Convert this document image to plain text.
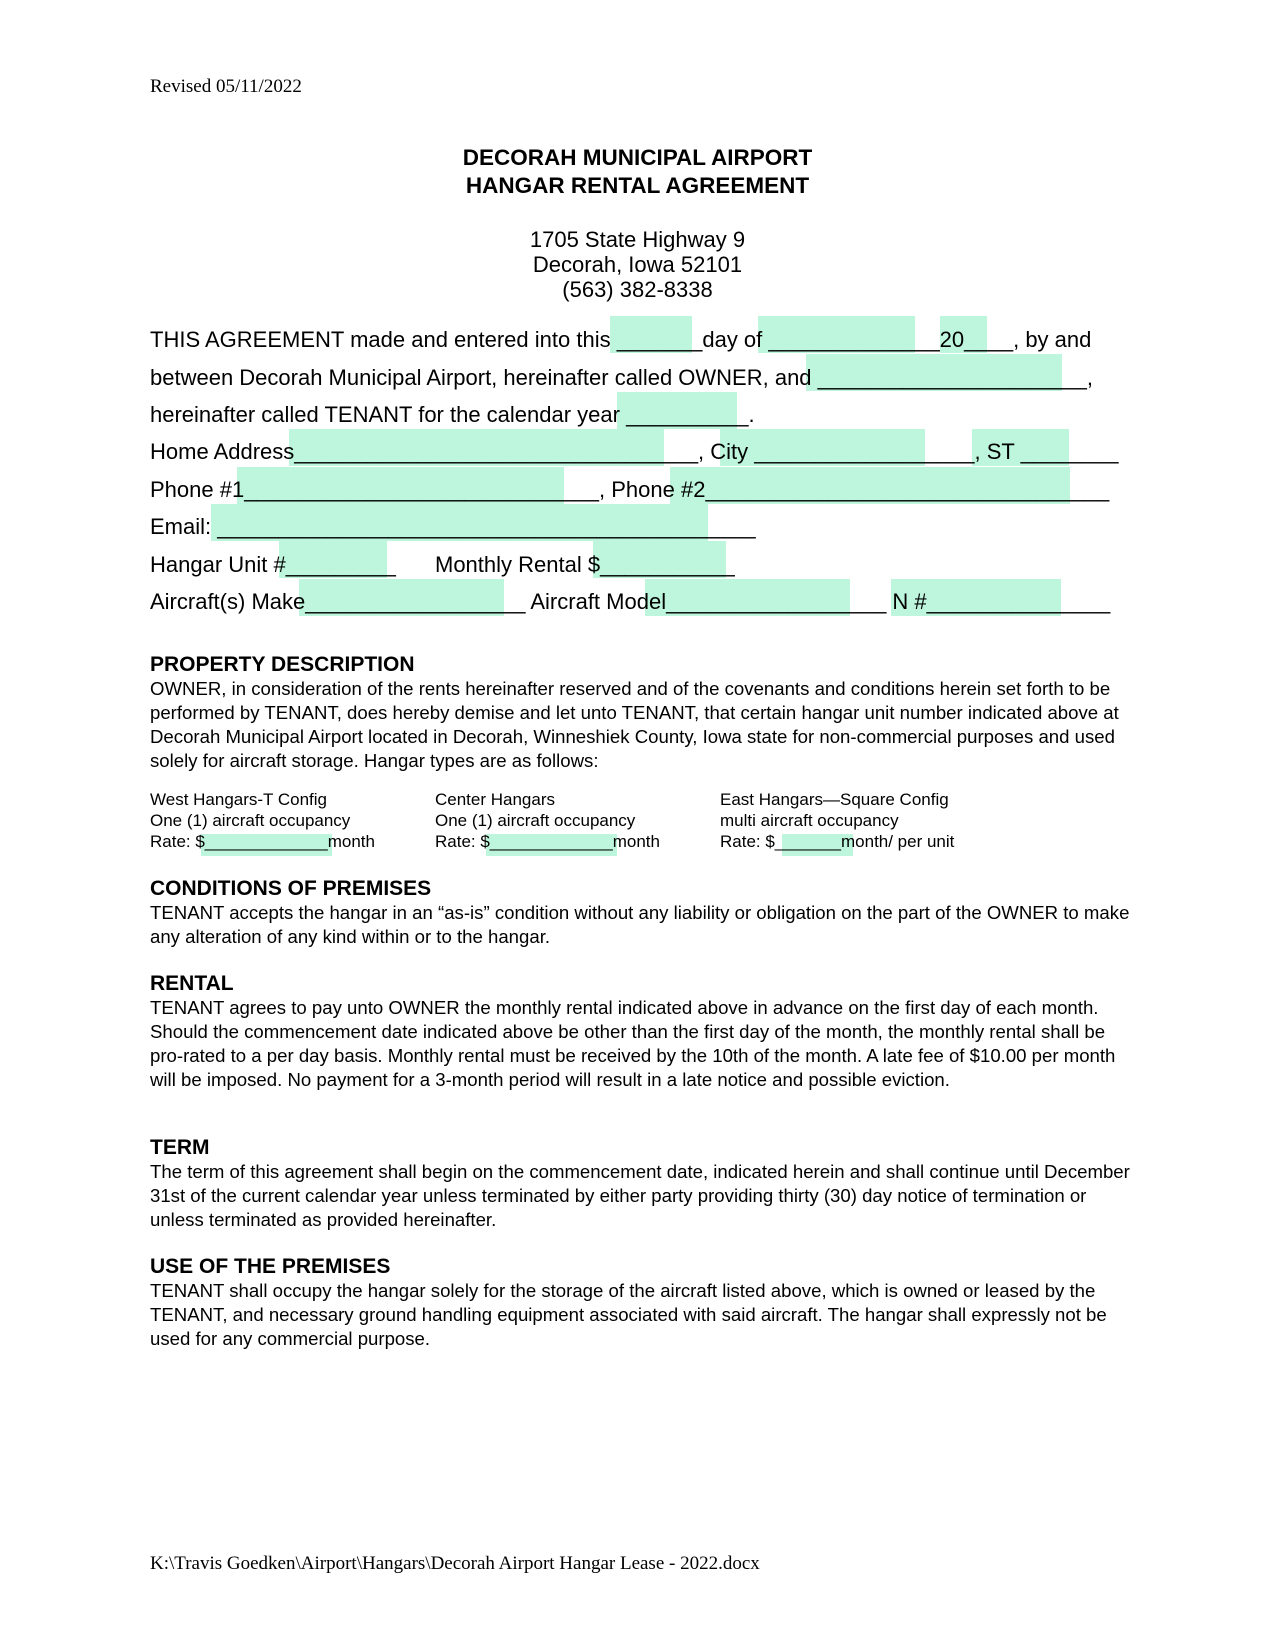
Revised 05/11/2022
DECORAH MUNICIPAL AIRPORT
HANGAR RENTAL AGREEMENT
1705 State Highway 9
Decorah, Iowa 52101
(563) 382-8338
THIS AGREEMENT made and entered into this _______day of ______________20____, by and
between Decorah Municipal Airport, hereinafter called OWNER, and ______________________,
hereinafter called TENANT for the calendar year __________.
Home Address_________________________________, City __________________, ST ________
Phone #1_____________________________, Phone #2_________________________________
Email: ____________________________________________
Hangar Unit #_________ Monthly Rental $___________
Aircraft(s) Make__________________ Aircraft Model__________________ N #_______________
PROPERTY DESCRIPTION
OWNER, in consideration of the rents hereinafter reserved and of the covenants and conditions herein set forth to be performed by TENANT, does hereby demise and let unto TENANT, that certain hangar unit number indicated above at Decorah Municipal Airport located in Decorah, Winneshiek County, Iowa state for non-commercial purposes and used solely for aircraft storage. Hangar types are as follows:
West Hangars-T Config
One (1) aircraft occupancy
Rate: $_____________month
Center Hangars
One (1) aircraft occupancy
Rate: $_____________month
East Hangars—Square Config
multi aircraft occupancy
Rate: $_______month/ per unit
CONDITIONS OF PREMISES
TENANT accepts the hangar in an “as-is” condition without any liability or obligation on the part of the OWNER to make any alteration of any kind within or to the hangar.
RENTAL
TENANT agrees to pay unto OWNER the monthly rental indicated above in advance on the first day of each month. Should the commencement date indicated above be other than the first day of the month, the monthly rental shall be pro-rated to a per day basis. Monthly rental must be received by the 10th of the month. A late fee of $10.00 per month will be imposed. No payment for a 3-month period will result in a late notice and possible eviction.
TERM
The term of this agreement shall begin on the commencement date, indicated herein and shall continue until December 31st of the current calendar year unless terminated by either party providing thirty (30) day notice of termination or unless terminated as provided hereinafter.
USE OF THE PREMISES
TENANT shall occupy the hangar solely for the storage of the aircraft listed above, which is owned or leased by the TENANT, and necessary ground handling equipment associated with said aircraft. The hangar shall expressly not be used for any commercial purpose.
K:\Travis Goedken\Airport\Hangars\Decorah Airport Hangar Lease - 2022.docx
